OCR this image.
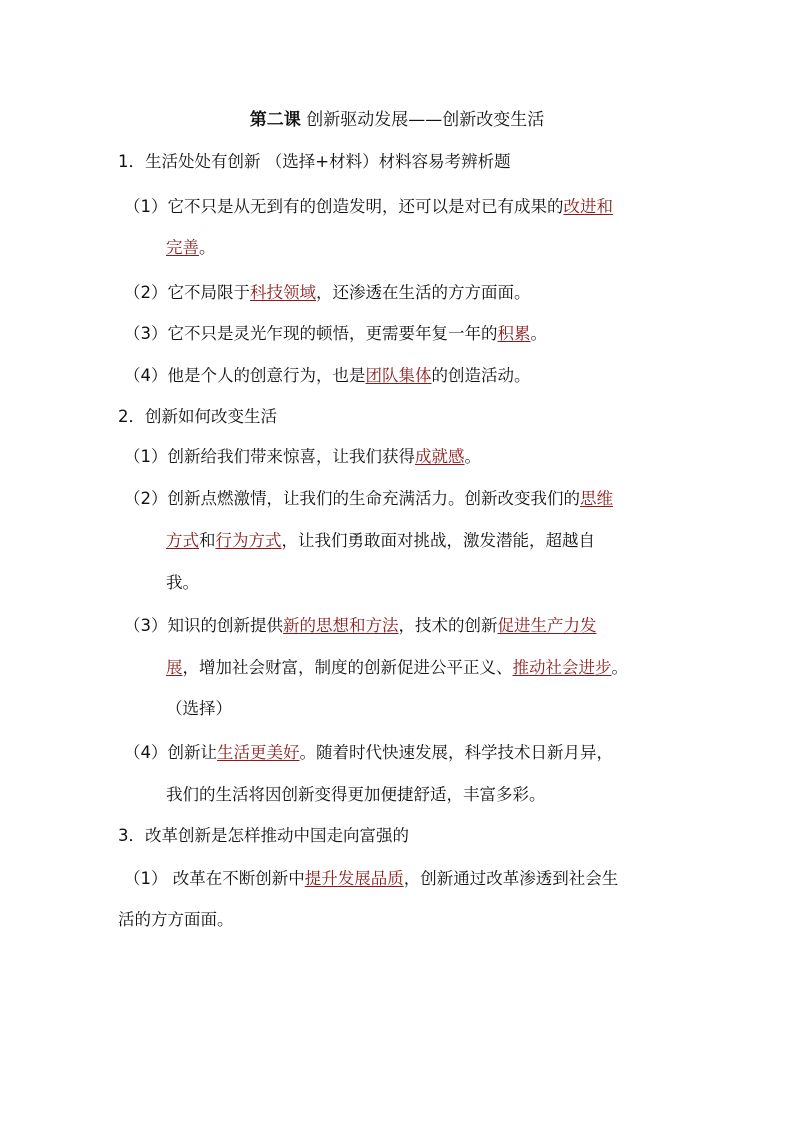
第二课 创新驱动发展——创新改变生活
1．生活处处有创新 （选择+材料）材料容易考辨析题
（1）它不只是从无到有的创造发明，还可以是对已有成果的改进和
完善。
（2）它不局限于科技领域，还渗透在生活的方方面面。
（3）它不只是灵光乍现的顿悟，更需要年复一年的积累。
（4）他是个人的创意行为，也是团队集体的创造活动。
2．创新如何改变生活
（1）创新给我们带来惊喜，让我们获得成就感。
（2）创新点燃激情，让我们的生命充满活力。创新改变我们的思维
方式和行为方式，让我们勇敢面对挑战，激发潜能，超越自
我。
（3）知识的创新提供新的思想和方法，技术的创新促进生产力发
展，增加社会财富，制度的创新促进公平正义、推动社会进步。
（选择）
（4）创新让生活更美好。随着时代快速发展，科学技术日新月异，
我们的生活将因创新变得更加便捷舒适，丰富多彩。
3．改革创新是怎样推动中国走向富强的
（1） 改革在不断创新中提升发展品质，创新通过改革渗透到社会生
活的方方面面。
